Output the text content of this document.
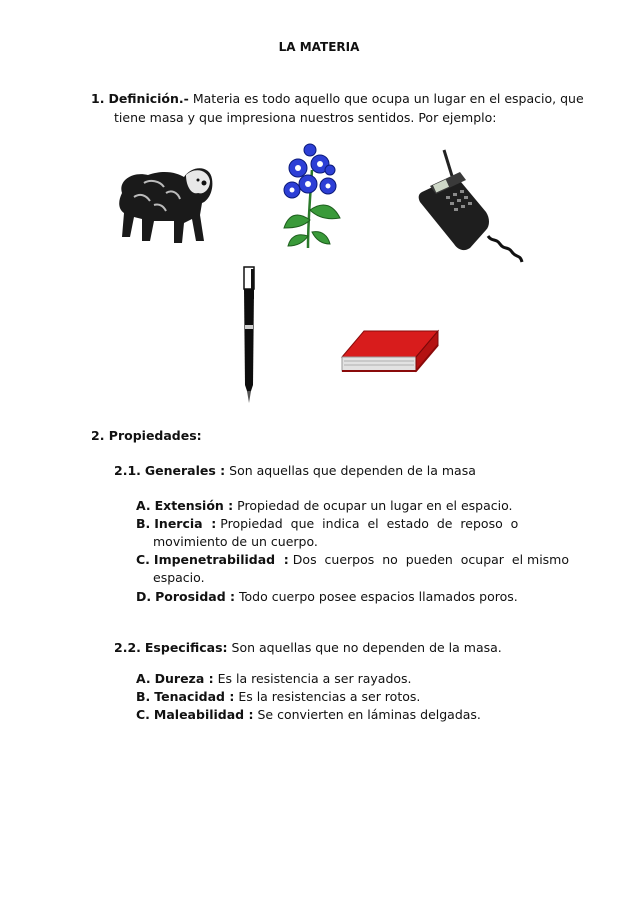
LA MATERIA
1. Definición.- Materia es todo aquello que ocupa un lugar en el espacio, que
tiene masa y que impresiona nuestros sentidos. Por ejemplo:
2. Propiedades:
2.1. Generales : Son aquellas que dependen de la masa
A. Extensión : Propiedad de ocupar un lugar en el espacio.
B. Inercia  : Propiedad  que  indica  el  estado  de  reposo  o
movimiento de un cuerpo.
C. Impenetrabilidad  : Dos  cuerpos  no  pueden  ocupar  el mismo
espacio.
D. Porosidad : Todo cuerpo posee espacios llamados poros.
2.2. Especificas: Son aquellas que no dependen de la masa.
A. Dureza : Es la resistencia a ser rayados.
B. Tenacidad : Es la resistencias a ser rotos.
C. Maleabilidad : Se convierten en láminas delgadas.
